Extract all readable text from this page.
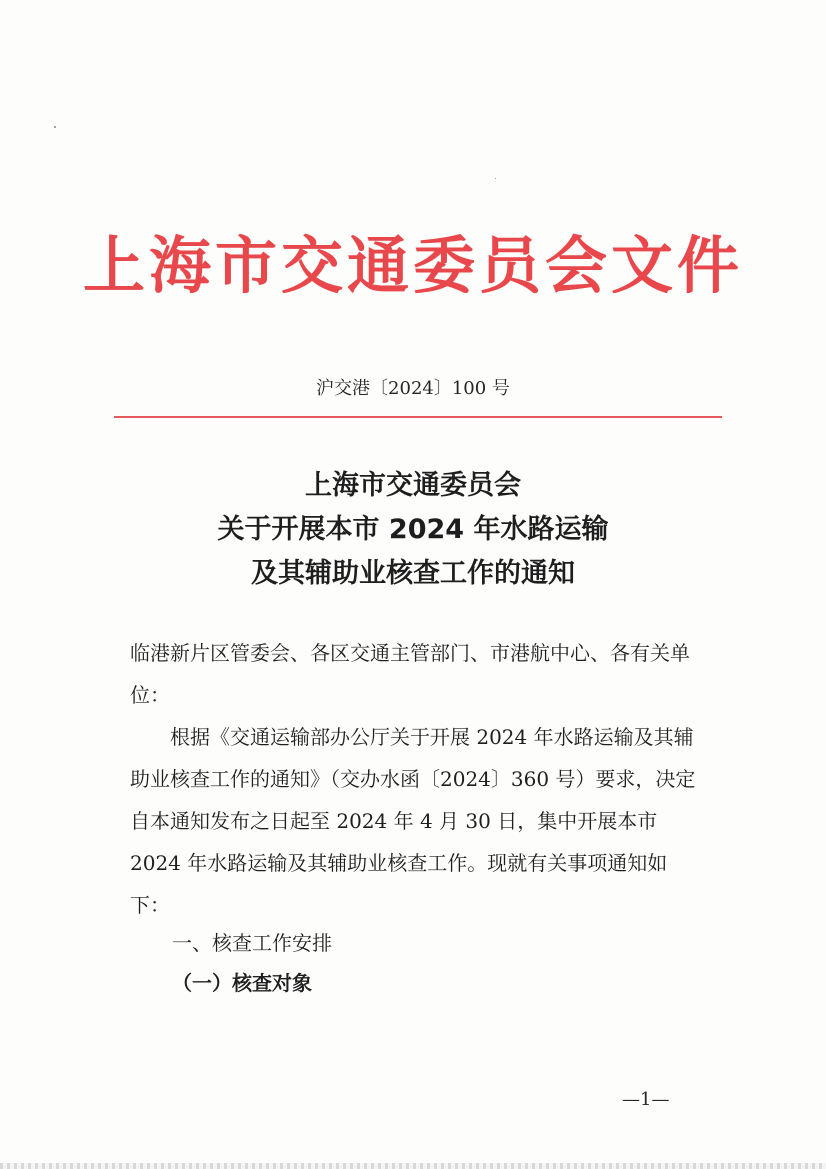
上海市交通委员会文件
沪交港〔2024〕100 号
上海市交通委员会
关于开展本市 2024 年水路运输
及其辅助业核查工作的通知
临港新片区管委会、各区交通主管部门、市港航中心、各有关单位：
根据《交通运输部办公厅关于开展 2024 年水路运输及其辅助业核查工作的通知》（交办水函〔2024〕360 号）要求，决定自本通知发布之日起至 2024 年 4 月 30 日，集中开展本市 2024 年水路运输及其辅助业核查工作。现就有关事项通知如下：
一、核查工作安排
（一）核查对象
—1—
